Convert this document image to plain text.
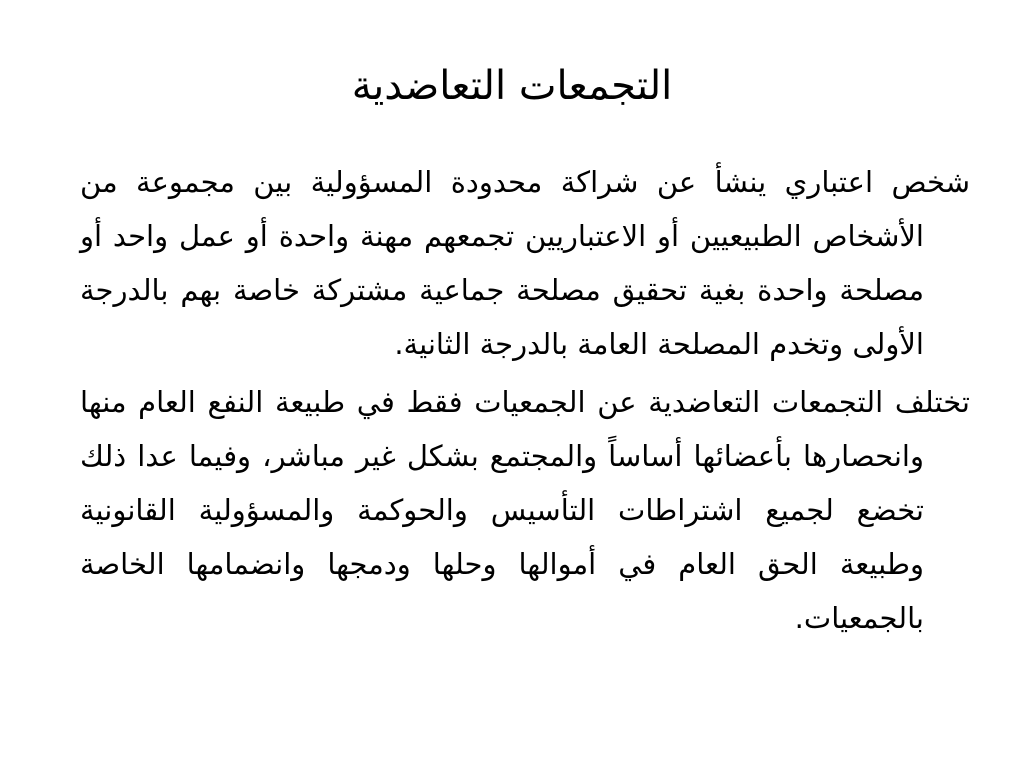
التجمعات التعاضدية

شخص اعتباري ينشأ عن شراكة محدودة المسؤولية بين مجموعة من الأشخاص الطبيعيين أو الاعتباريين تجمعهم مهنة واحدة أو عمل واحد أو مصلحة واحدة بغية تحقيق مصلحة جماعية مشتركة خاصة بهم بالدرجة الأولى وتخدم المصلحة العامة بالدرجة الثانية.

تختلف التجمعات التعاضدية عن الجمعيات فقط في طبيعة النفع العام منها وانحصارها بأعضائها أساساً والمجتمع بشكل غير مباشر، وفيما عدا ذلك تخضع لجميع اشتراطات التأسيس والحوكمة والمسؤولية القانونية وطبيعة الحق العام في أموالها وحلها ودمجها وانضمامها الخاصة بالجمعيات.
